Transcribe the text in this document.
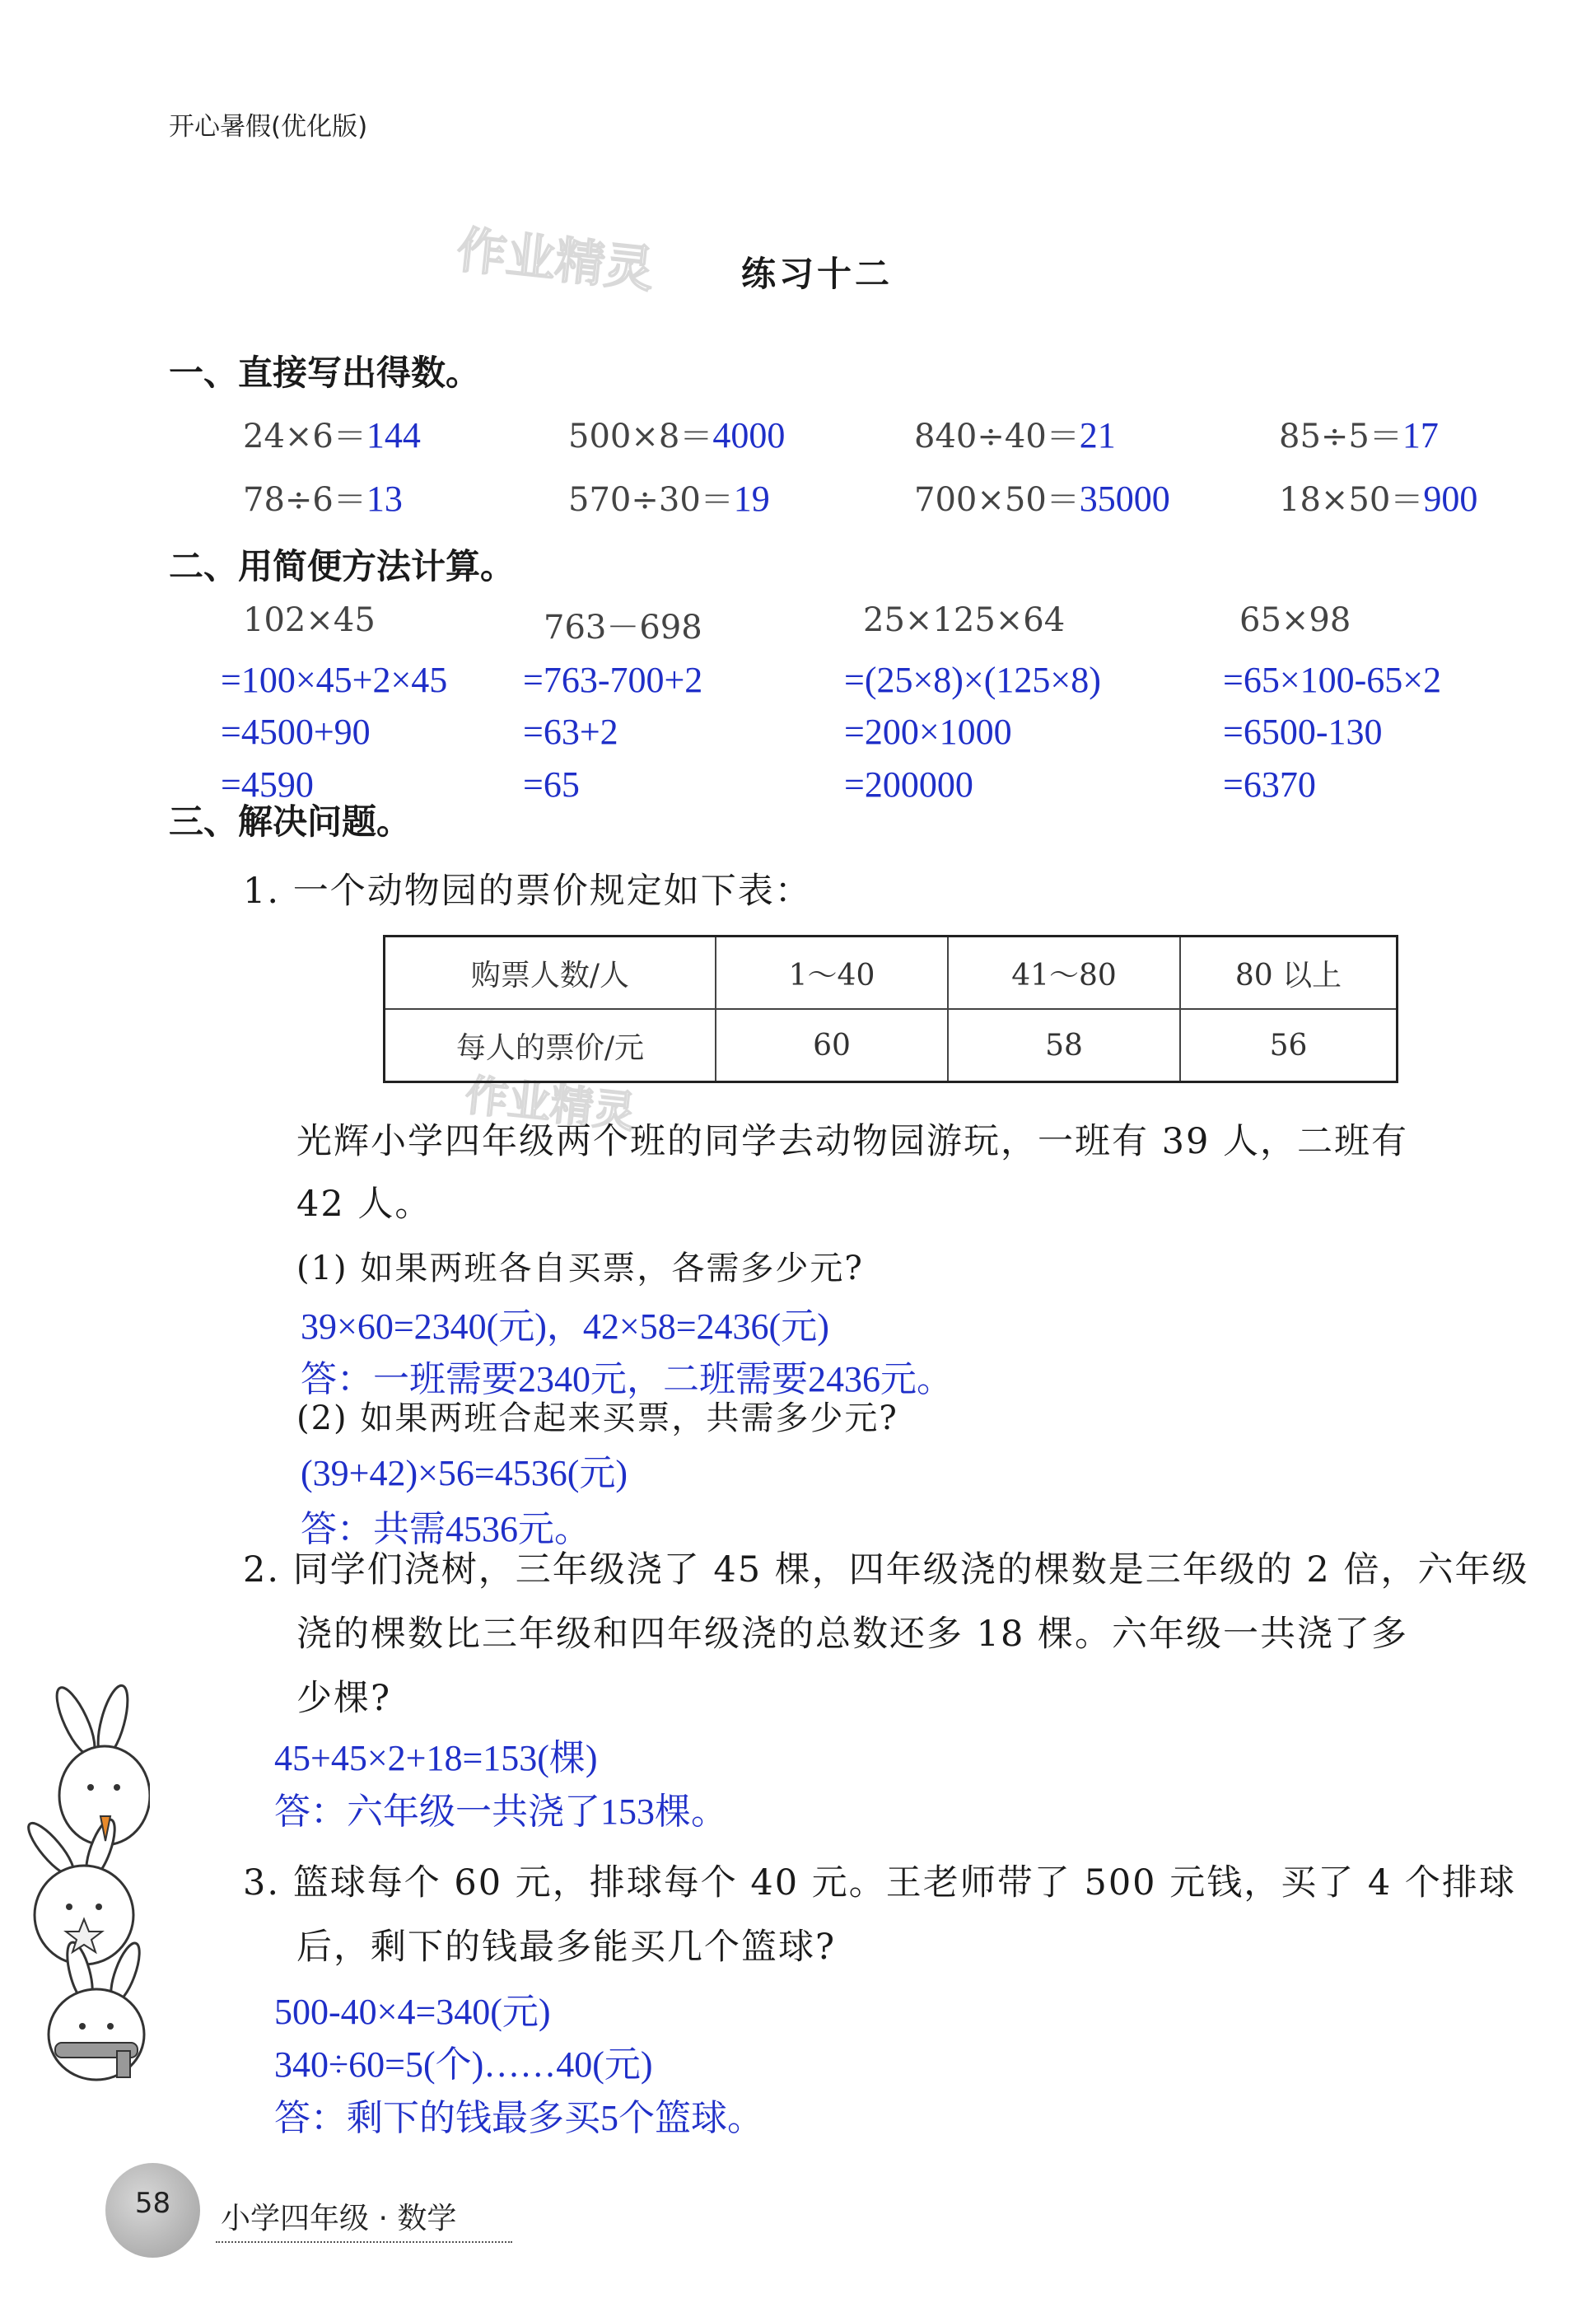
开心暑假(优化版)
作业精灵
作业精灵
练习十二
一、直接写出得数。
24×6＝144	500×8＝4000	840÷40＝21	85÷5＝17
78÷6＝13	570÷30＝19	700×50＝35000	18×50＝900
二、用简便方法计算。
102×45
=100×45+2×45
=4500+90
=4590
763－698
=763-700+2
=63+2
=65
25×125×64
=(25×8)×(125×8)
=200×1000
=200000
65×98
=65×100-65×2
=6500-130
=6370
三、解决问题。
1. 一个动物园的票价规定如下表：
购票人数/人	1～40	41～80	80 以上
每人的票价/元	60	58	56
光辉小学四年级两个班的同学去动物园游玩，一班有 39 人，二班有
42 人。
(1) 如果两班各自买票，各需多少元?
39×60=2340(元)，42×58=2436(元)
答：一班需要2340元，二班需要2436元。
(2) 如果两班合起来买票，共需多少元?
(39+42)×56=4536(元)
答：共需4536元。
2. 同学们浇树，三年级浇了 45 棵，四年级浇的棵数是三年级的 2 倍，六年级
浇的棵数比三年级和四年级浇的总数还多 18 棵。六年级一共浇了多
少棵?
45+45×2+18=153(棵)
答：六年级一共浇了153棵。
3. 篮球每个 60 元，排球每个 40 元。王老师带了 500 元钱，买了 4 个排球
后，剩下的钱最多能买几个篮球?
500-40×4=340(元)
340÷60=5(个)……40(元)
答：剩下的钱最多买5个篮球。
58	小学四年级 · 数学
